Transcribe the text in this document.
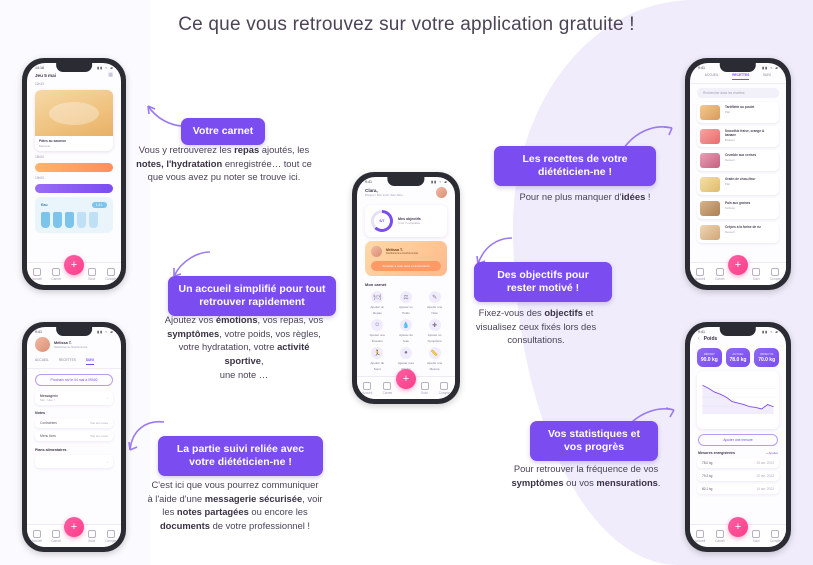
Ce que vous retrouvez sur votre application gratuite !
14:18	▮▮ ⌁ ▰
Jeu 5 mai	▦
12h43
Pâtes au saumon
Déjeuner
15h00
19h00
Eau	1,5 L
+
Accueil	Carnet	Suivi	Compte
9:41	▮▮ ⌁ ▰
Mélissa T.
Diététicienne-Nutritionniste
ACCUEIL	RECETTES	SUIVI
Prochain rdv le 04 mai à 09h00
Messagerie
Moi · Hier !	›
Notes
Contraintes	Voir les notes
Menu fixes	Voir les notes
Plans alimentaires
›
+
Accueil	Carnet	Suivi	Compte
9:41	▮▮ ⌁ ▰
Clara,
Bonjour ! Bon lundi, Sam Alice.
6/7	Mes objectifs
4 sur 7 complétés
Mélissa T.
Diététicienne-Nutritionniste
Accéder à mon suivi et documents
Mon carnet
🍽
Ajouter un
Repas
⚖
Ajouter un
Poids
✎
Ajouter une
Note
☺
Ajouter une
Émotion
💧
Ajouter de
l'eau
✚
Ajouter un
Symptôme
🏃
Ajouter du
Sport
●
Ajouter mes
📏
Ajouter une
Mesure
+
Accueil	Carnet	Suivi	Compte
9:41	▮▮ ⌁ ▰
ACCUEIL	RECETTES	SUIVI
Rechercher dans les recettes
Tartiflette au poulet
Plat
Smoothie fraise, orange & banane
Boisson
Crumble aux cerises
Dessert
Gratin de chou-fleur
Plat
Pain aux graines
Tartines
Crêpes à la farine de riz
Dessert
+
Accueil	Carnet	Suivi	Compte
9:41	▮▮ ⌁ ▰
‹ Poids
DÉPART
90.0 kg
ACTUEL
78.0 kg
OBJECTIF
70.0 kg
Ajouter une mesure
Mesures enregistrées	+ Ajouter
78.0 kg	25 avr. 2022
79.2 kg	20 avr. 2022
80.1 kg	14 avr. 2022
+
Accueil	Carnet	Suivi	Compte
Votre carnet
Vous y retrouverez les repas ajoutés, les
notes, l'hydratation enregistrée… tout ce
que vous avez pu noter se trouve ici.
Un accueil simplifié pour tout retrouver rapidement
Ajoutez vos émotions, vos repas, vos
symptômes, votre poids, vos règles,
votre hydratation, votre activité sportive,
une note …
Les recettes de votre diététicien-ne !
Pour ne plus manquer d'idées !
Des objectifs pour rester motivé !
Fixez-vous des objectifs et
visualisez ceux fixés lors des
consultations.
La partie suivi reliée avec votre diététicien-ne !
C'est ici que vous pourrez communiquer
à l'aide d'une messagerie sécurisée, voir
les notes partagées ou encore les
documents de votre professionnel !
Vos statistiques et vos progrès
Pour retrouver la fréquence de vos
symptômes ou vos mensurations.
